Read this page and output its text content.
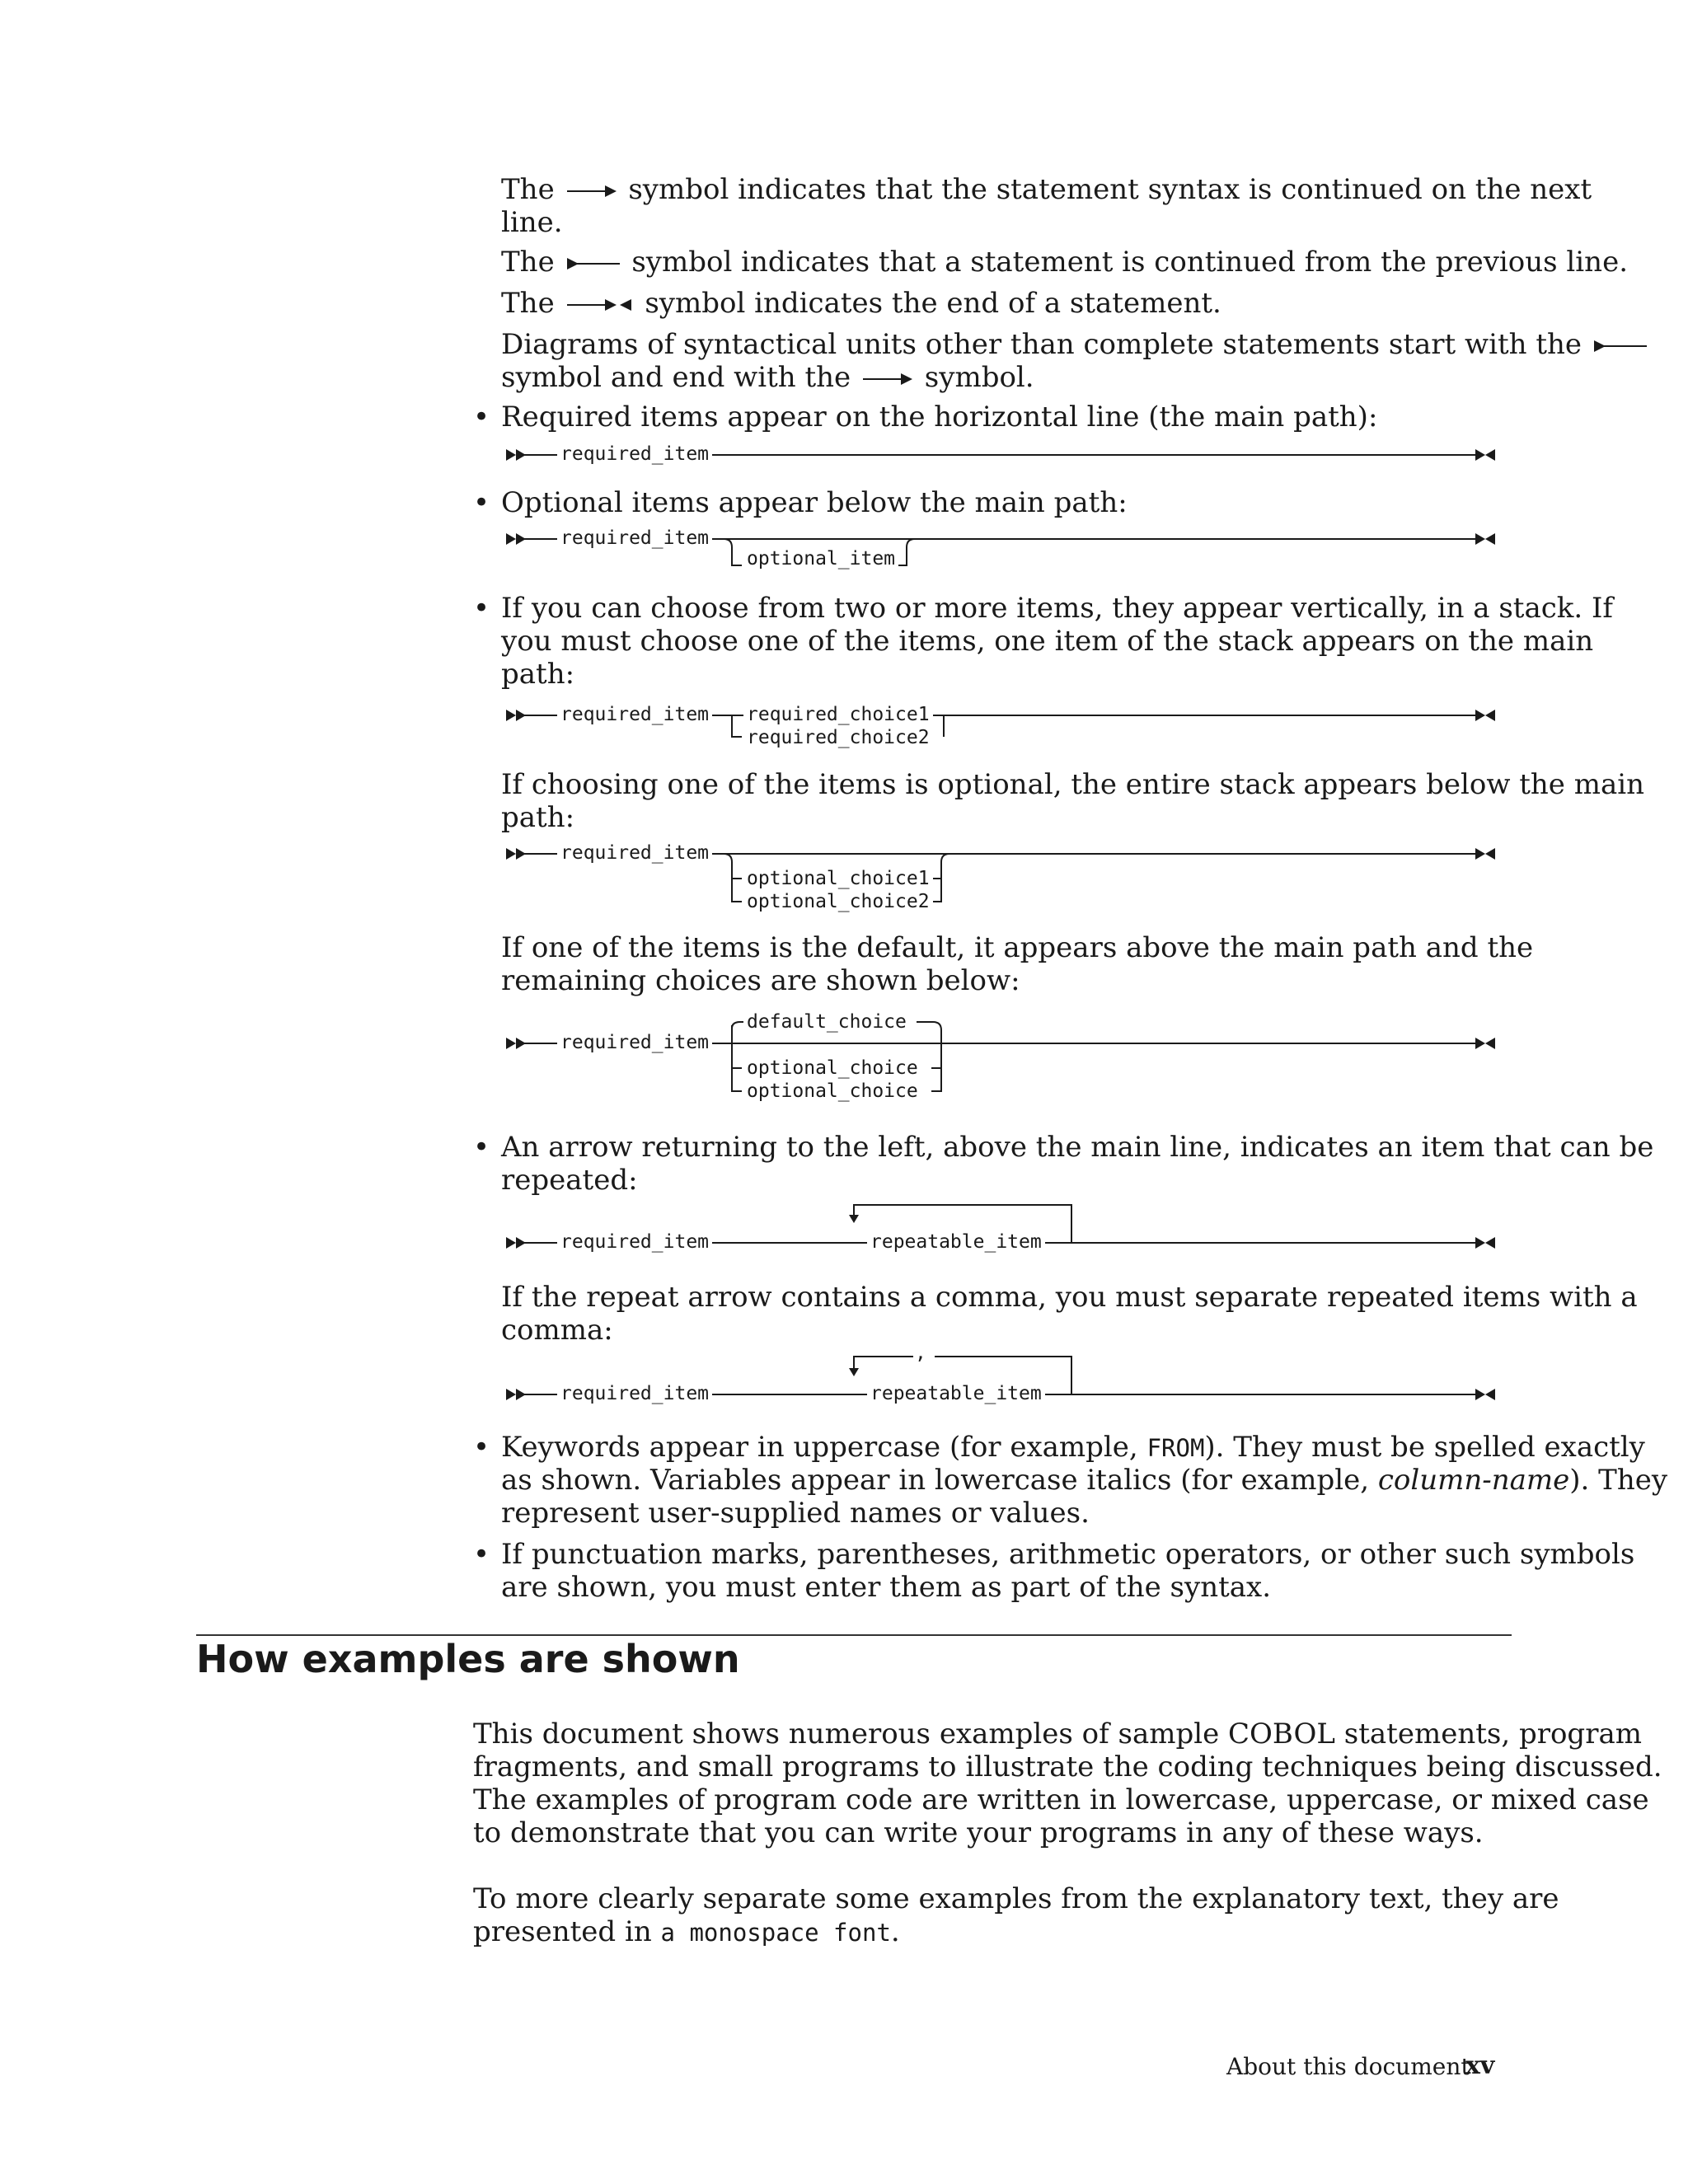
The	symbol indicates that the statement syntax is continued on the next
line.
The	symbol indicates that a statement is continued from the previous line.
The	symbol indicates the end of a statement.
Diagrams of syntactical units other than complete statements start with the
symbol and end with the	symbol.
• Required items appear on the horizontal line (the main path):
required_item
• Optional items appear below the main path:
required_item
optional_item
• If you can choose from two or more items, they appear vertically, in a stack. If
you must choose one of the items, one item of the stack appears on the main
path:
required_item required_choice1
required_choice2
If choosing one of the items is optional, the entire stack appears below the main
path:
required_item
optional_choice1
optional_choice2
If one of the items is the default, it appears above the main path and the
remaining choices are shown below:
default_choice
required_item
optional_choice
optional_choice
• An arrow returning to the left, above the main line, indicates an item that can be
repeated:
required_item	repeatable_item
If the repeat arrow contains a comma, you must separate repeated items with a
comma:
,
required_item	repeatable_item
• Keywords appear in uppercase (for example, FROM). They must be spelled exactly
as shown. Variables appear in lowercase italics (for example, column-name). They
represent user-supplied names or values.
• If punctuation marks, parentheses, arithmetic operators, or other such symbols
are shown, you must enter them as part of the syntax.
How examples are shown
This document shows numerous examples of sample COBOL statements, program
fragments, and small programs to illustrate the coding techniques being discussed.
The examples of program code are written in lowercase, uppercase, or mixed case
to demonstrate that you can write your programs in any of these ways.
To more clearly separate some examples from the explanatory text, they are
presented in a monospace font.
About this document
xv
